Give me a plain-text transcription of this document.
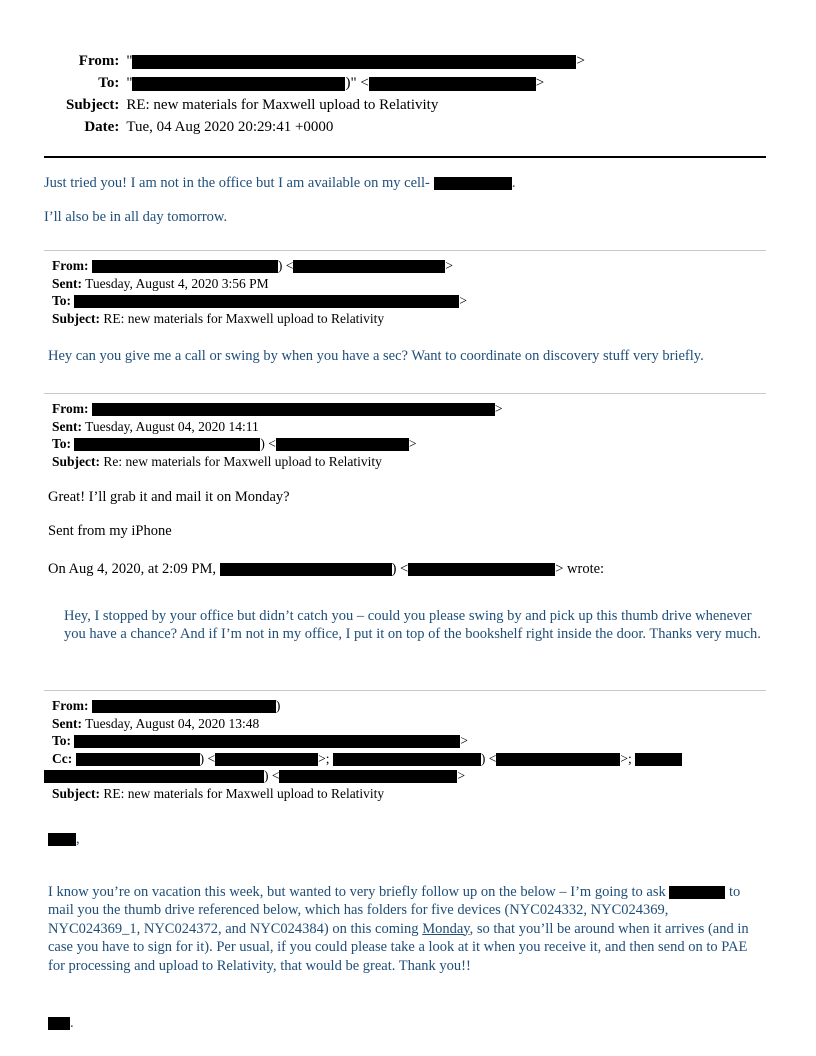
From:	" >
To:	" )" < >
Subject:	RE: new materials for Maxwell upload to Relativity
Date:	Tue, 04 Aug 2020 20:29:41 +0000

Just tried you! I am not in the office but I am available on my cell-	.

I’ll also be in all day tomorrow.

From:	) <	>

Sent: Tuesday, August 4, 2020 3:56 PM

To:	>

Subject: RE: new materials for Maxwell upload to Relativity

Hey can you give me a call or swing by when you have a sec? Want to coordinate on discovery stuff very briefly.

From:	>

Sent: Tuesday, August 04, 2020 14:11

To:	) <	>

Subject: Re: new materials for Maxwell upload to Relativity

Great! I’ll grab it and mail it on Monday?

Sent from my iPhone

On Aug 4, 2020, at 2:09 PM,	) <	> wrote:

Hey, I stopped by your office but didn’t catch you – could you please swing by and pick up this thumb drive whenever you have a chance? And if I’m not in my office, I put it on top of the bookshelf right inside the door. Thanks very much.

From:	)

Sent: Tuesday, August 04, 2020 13:48

To:	>

Cc:	) <	>;	) <	>;

) <	>

Subject: RE: new materials for Maxwell upload to Relativity

,

I know you’re on vacation this week, but wanted to very briefly follow up on the below – I’m going to ask	to mail you the thumb drive referenced below, which has folders for five devices (NYC024332, NYC024369, NYC024369_1, NYC024372, and NYC024384) on this coming Monday, so that you’ll be around when it arrives (and in case you have to sign for it). Per usual, if you could please take a look at it when you receive it, and then send on to PAE for processing and upload to Relativity, that would be great. Thank you!!

.
